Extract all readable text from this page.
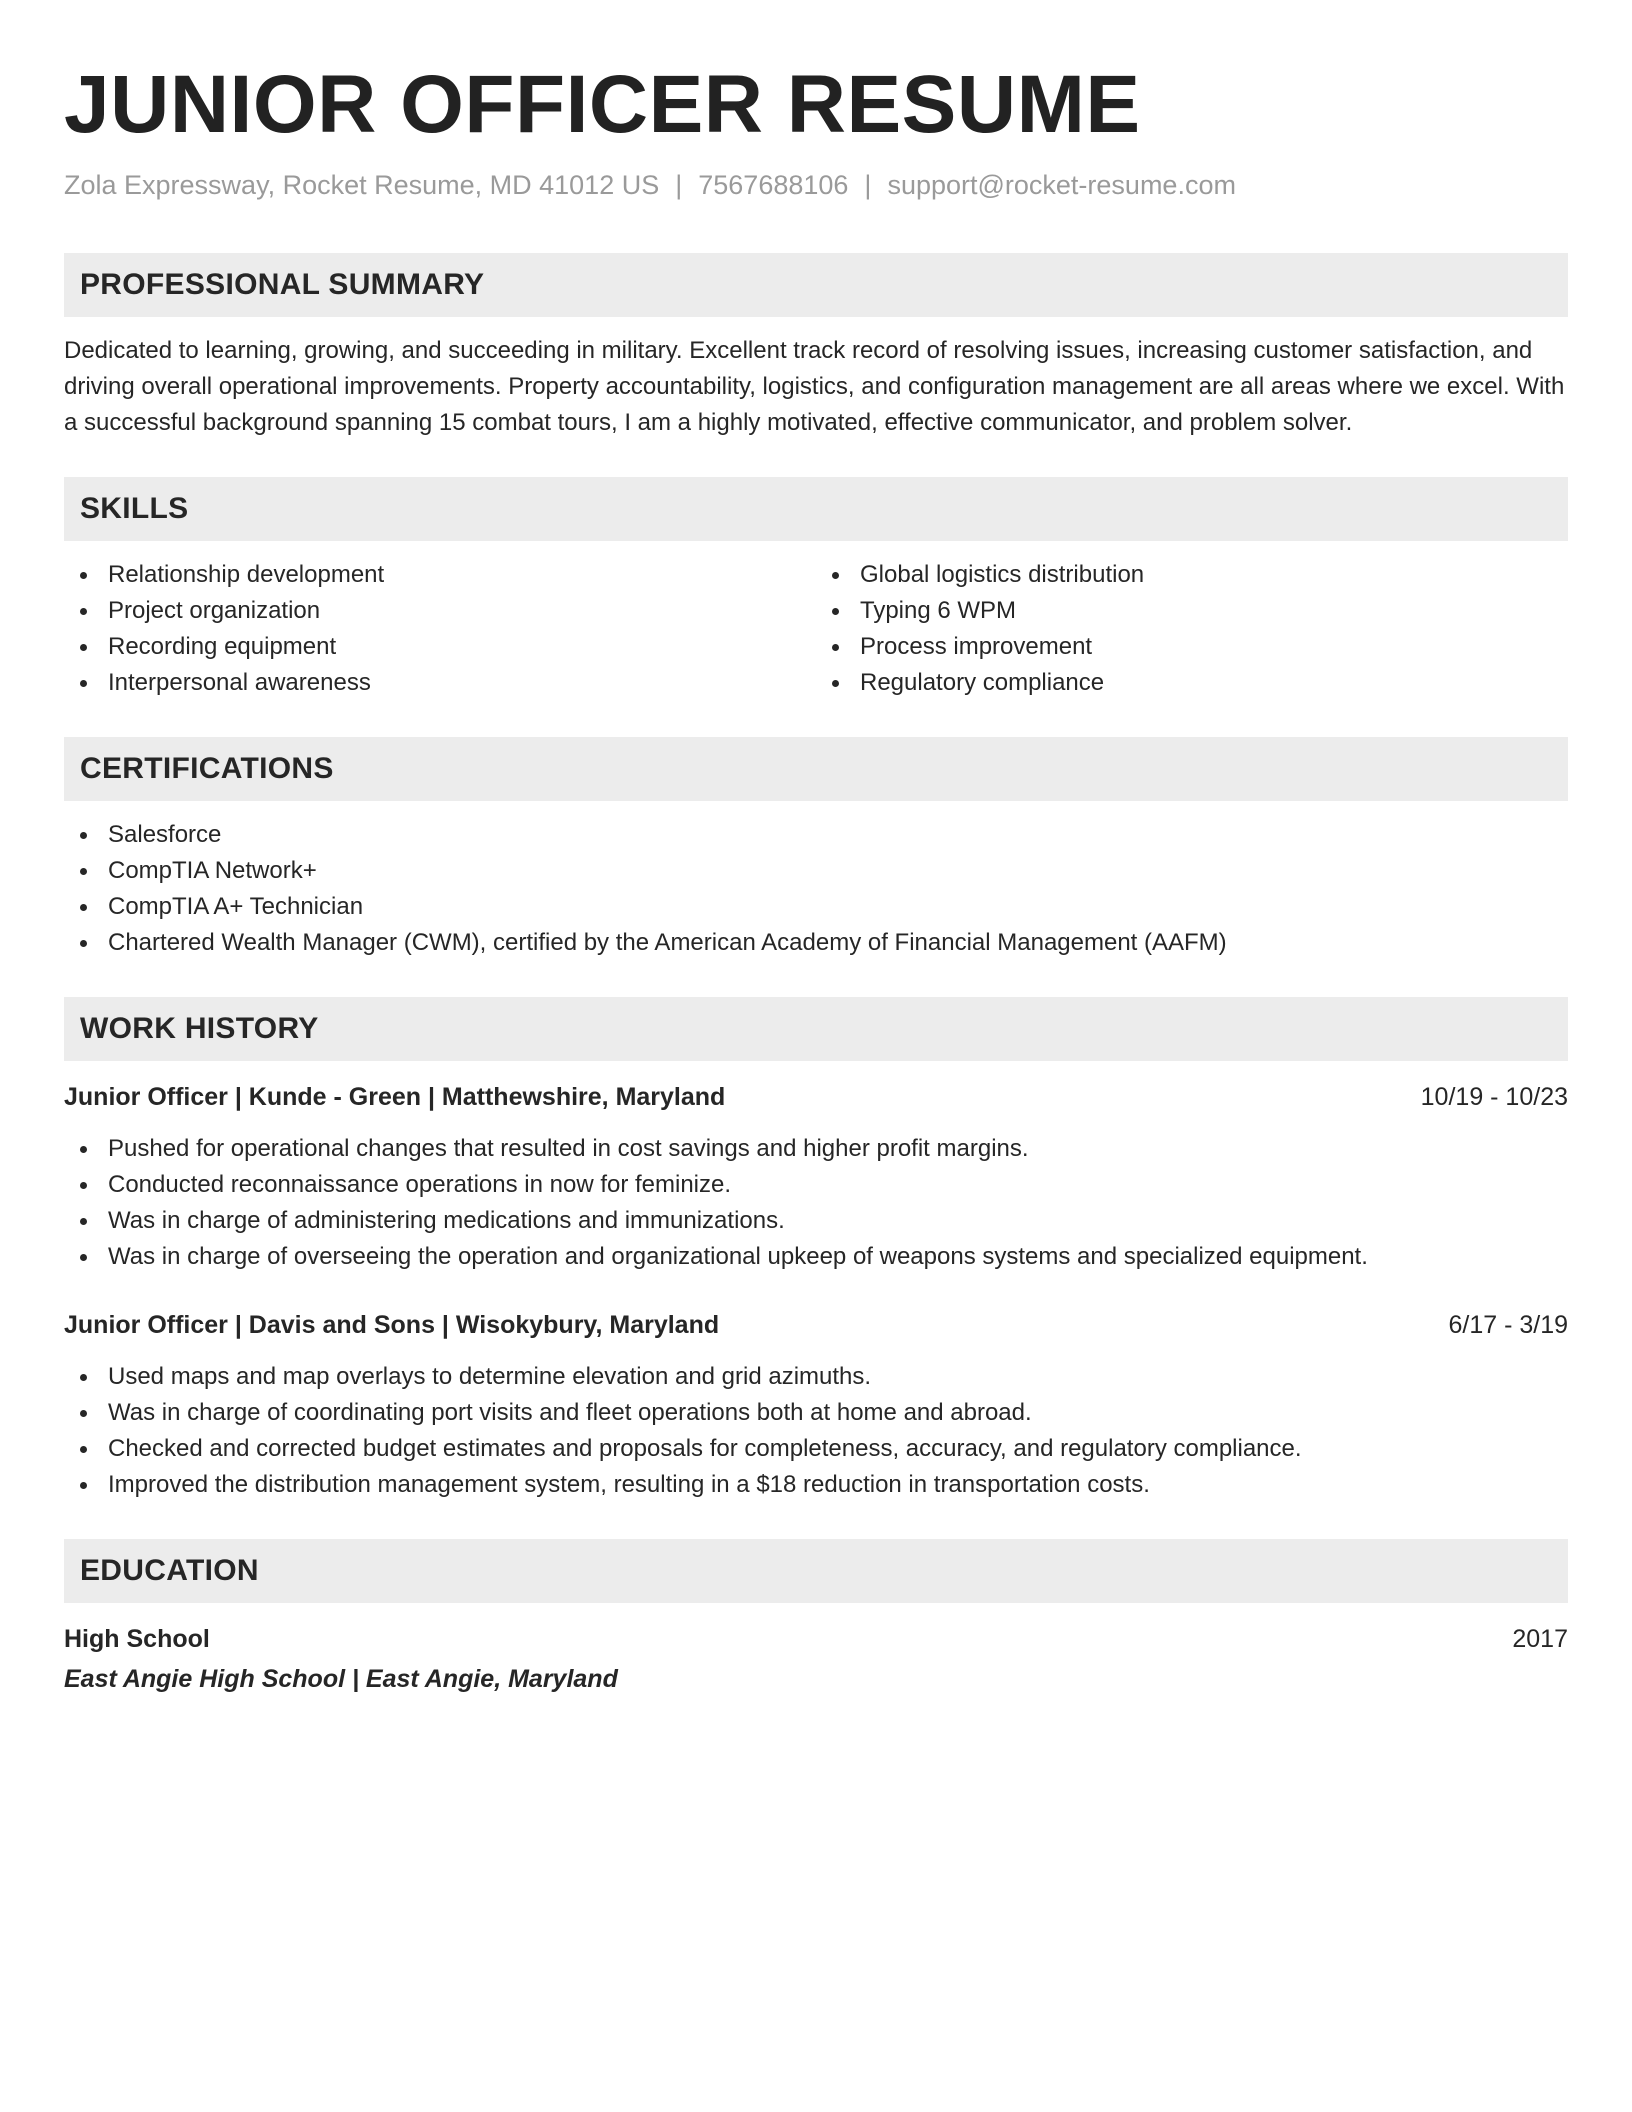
JUNIOR OFFICER RESUME
Zola Expressway, Rocket Resume, MD 41012 US | 7567688106 | support@rocket-resume.com
PROFESSIONAL SUMMARY
Dedicated to learning, growing, and succeeding in military. Excellent track record of resolving issues, increasing customer satisfaction, and driving overall operational improvements. Property accountability, logistics, and configuration management are all areas where we excel. With a successful background spanning 15 combat tours, I am a highly motivated, effective communicator, and problem solver.
SKILLS
Relationship development
Project organization
Recording equipment
Interpersonal awareness
Global logistics distribution
Typing 6 WPM
Process improvement
Regulatory compliance
CERTIFICATIONS
Salesforce
CompTIA Network+
CompTIA A+ Technician
Chartered Wealth Manager (CWM), certified by the American Academy of Financial Management (AAFM)
WORK HISTORY
Junior Officer | Kunde - Green | Matthewshire, Maryland	10/19 - 10/23
Pushed for operational changes that resulted in cost savings and higher profit margins.
Conducted reconnaissance operations in now for feminize.
Was in charge of administering medications and immunizations.
Was in charge of overseeing the operation and organizational upkeep of weapons systems and specialized equipment.
Junior Officer | Davis and Sons | Wisokybury, Maryland	6/17 - 3/19
Used maps and map overlays to determine elevation and grid azimuths.
Was in charge of coordinating port visits and fleet operations both at home and abroad.
Checked and corrected budget estimates and proposals for completeness, accuracy, and regulatory compliance.
Improved the distribution management system, resulting in a $18 reduction in transportation costs.
EDUCATION
High School	2017
East Angie High School | East Angie, Maryland
